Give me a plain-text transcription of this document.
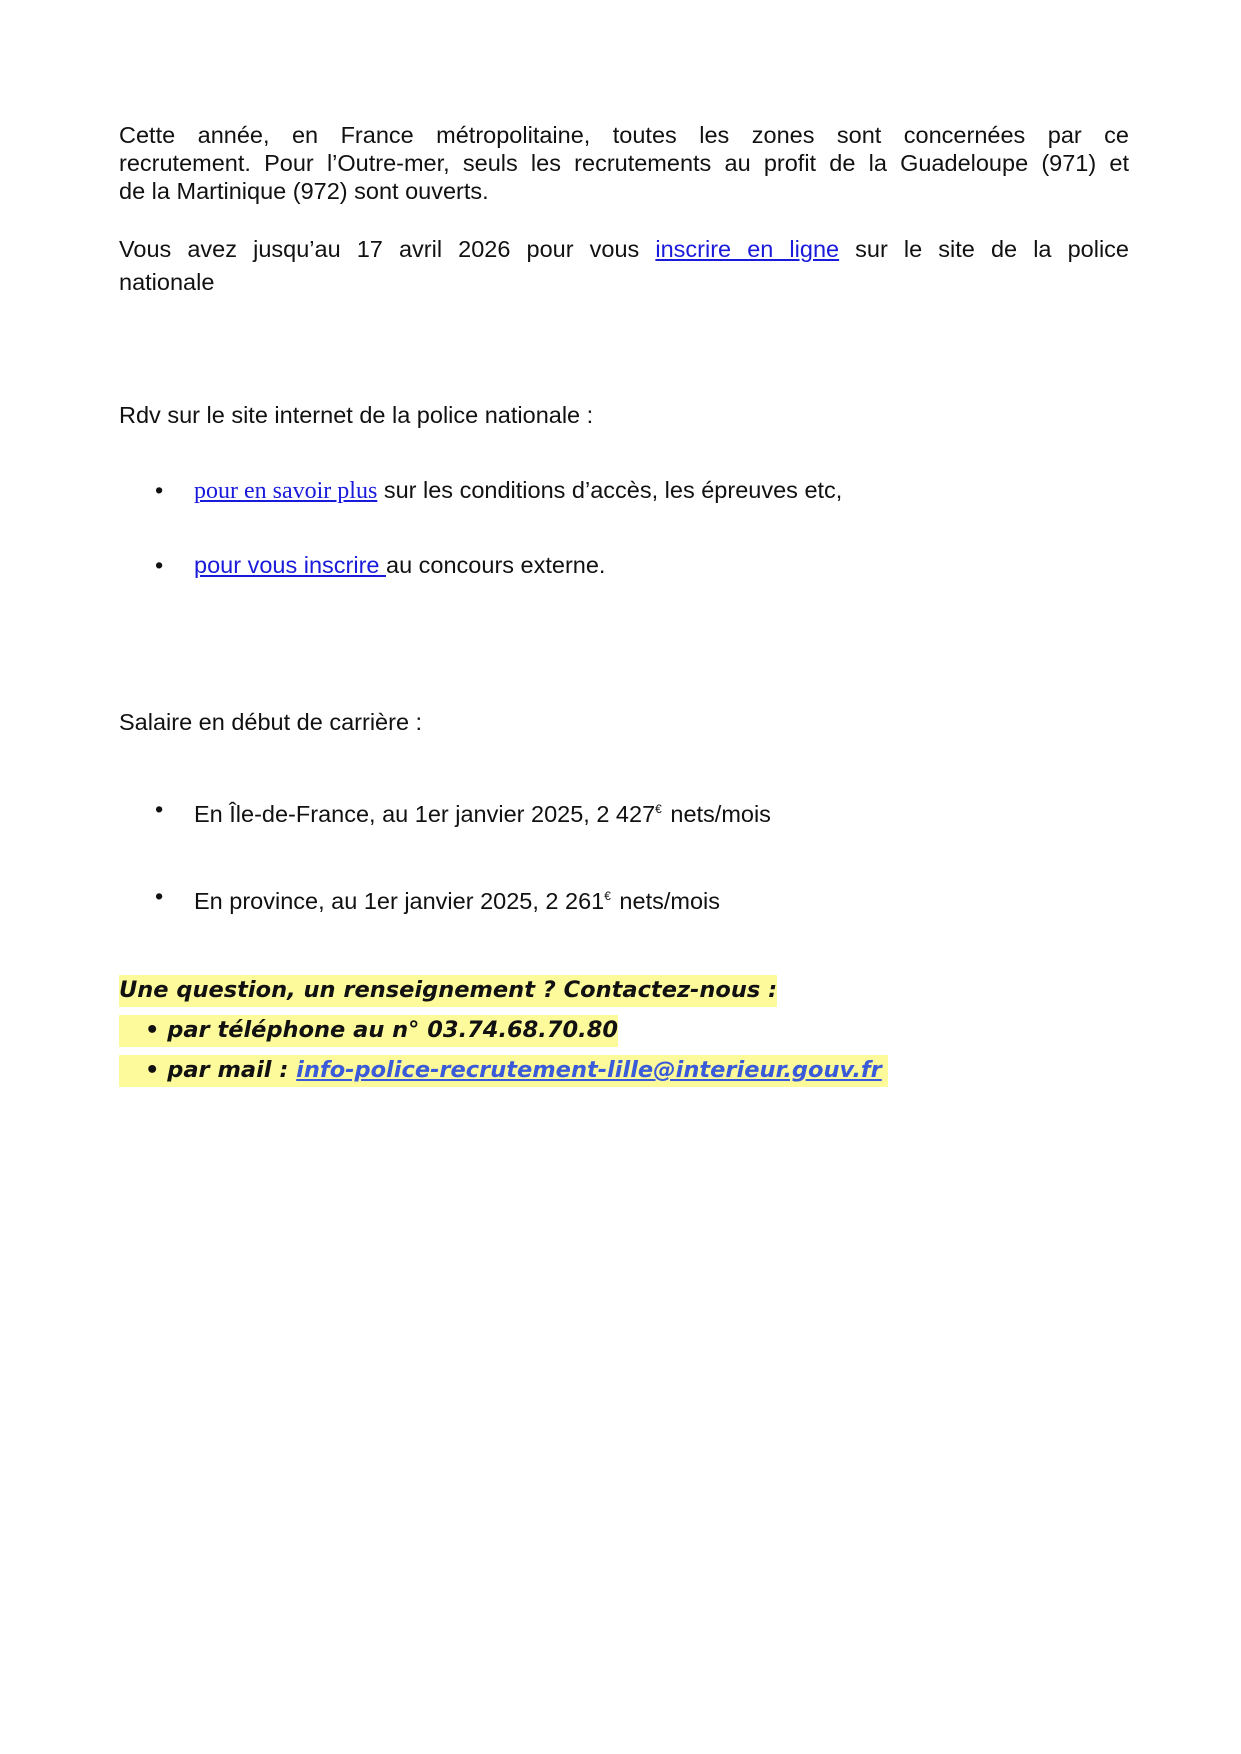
Cette année, en France métropolitaine, toutes les zones sont concernées par ce

recrutement. Pour l’Outre-mer, seuls les recrutements au profit de la Guadeloupe (971) et

de la Martinique (972) sont ouverts.

Vous avez jusqu’au 17 avril 2026 pour vous inscrire en ligne sur le site de la police

nationale

Rdv sur le site internet de la police nationale :

• pour en savoir plus sur les conditions d’accès, les épreuves etc,
• pour vous inscrire au concours externe.

Salaire en début de carrière :

• En Île-de-France, au 1er janvier 2025, 2 427€ nets/mois
• En province, au 1er janvier 2025, 2 261€ nets/mois
Une question, un renseignement ? Contactez-nous :
• par téléphone au n° 03.74.68.70.80
• par mail : info-police-recrutement-lille@interieur.gouv.fr
